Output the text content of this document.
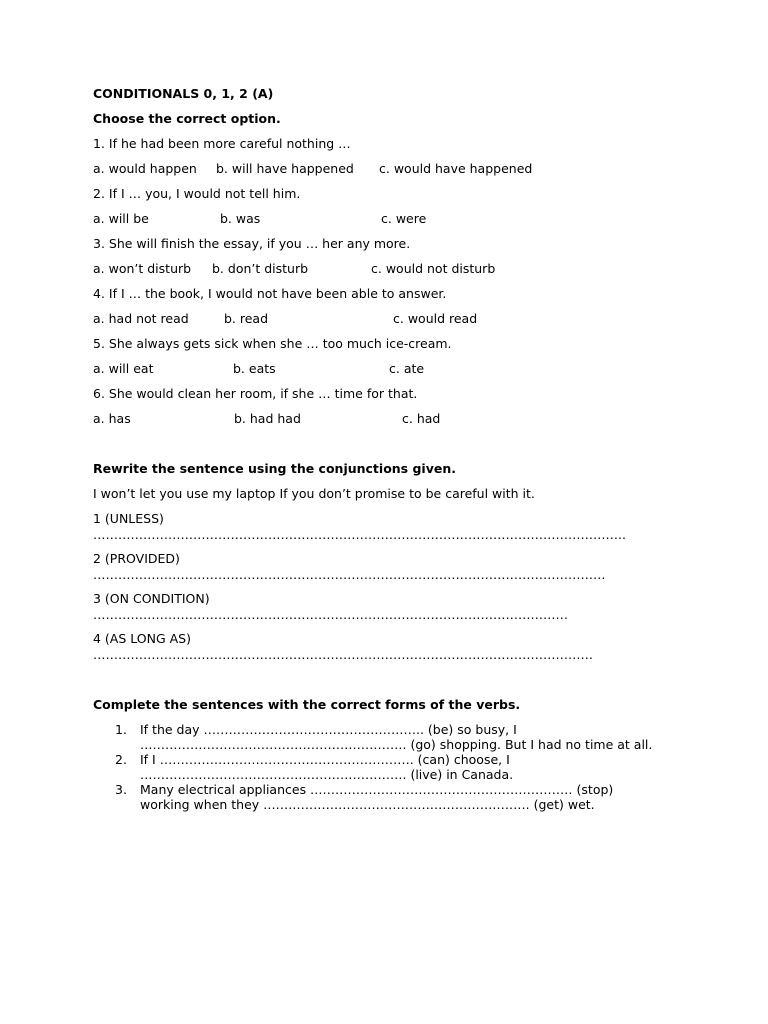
CONDITIONALS 0, 1, 2 (A)
Choose the correct option.
1. If he had been more careful nothing …
a. would happen b. will have happened c. would have happened
2. If I … you, I would not tell him.
a. will be	b. was	c. were
3. She will finish the essay, if you … her any more.
a. won’t disturb b. don’t disturb	c. would not disturb
4. If I … the book, I would not have been able to answer.
a. had not read	b. read	c. would read
5. She always gets sick when she … too much ice-cream.
a. will eat	b. eats	c. ate
6. She would clean her room, if she … time for that.
a. has	b. had had	c. had
Rewrite the sentence using the conjunctions given.
I won’t let you use my laptop If you don’t promise to be careful with it.
1 (UNLESS)
………………………………………………………………………………………………………………..
2 (PROVIDED)
……………………………………………………………………………………………………………
3 (ON CONDITION)
……………………………………………………………………………………………………
4 (AS LONG AS)
…………………………………………………………………………………………………………
Complete the sentences with the correct forms of the verbs.
1. If the day …………………………………………….. (be) so busy, I
………………………………………………………. (go) shopping. But I had no time at all.
2. If I ……………………………………………………. (can) choose, I
………………………………………………………. (live) in Canada.
3. Many electrical appliances ……………………………………………………… (stop)
working when they ………………………………………………………. (get) wet.
